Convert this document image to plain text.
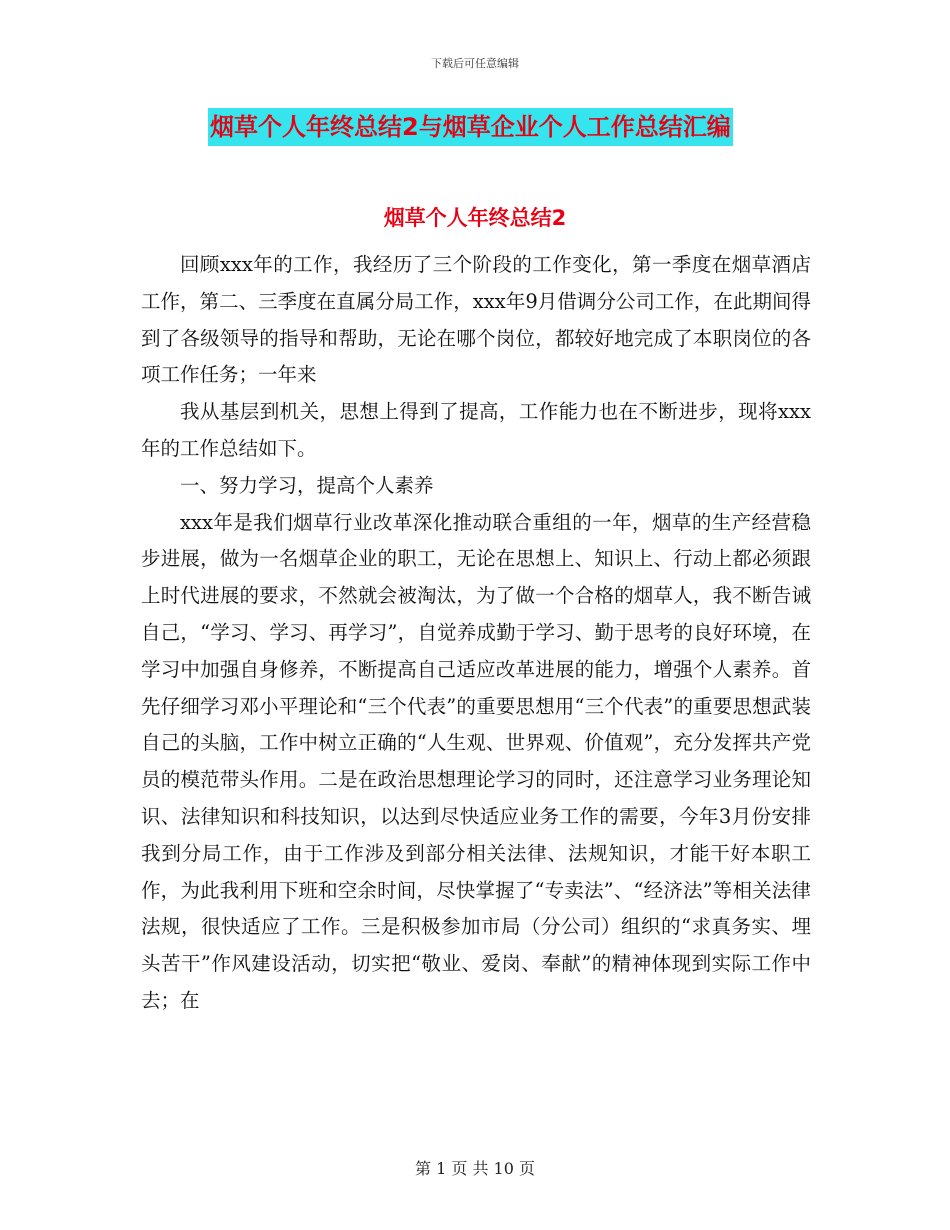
下载后可任意编辑
烟草个人年终总结2与烟草企业个人工作总结汇编
烟草个人年终总结2

回顾xxx年的工作，我经历了三个阶段的工作变化，第一季度在烟草酒店工作，第二、三季度在直属分局工作，xxx年9月借调分公司工作，在此期间得到了各级领导的指导和帮助，无论在哪个岗位，都较好地完成了本职岗位的各项工作任务；一年来

我从基层到机关，思想上得到了提高，工作能力也在不断进步，现将xxx年的工作总结如下。

一、努力学习，提高个人素养

xxx年是我们烟草行业改革深化推动联合重组的一年，烟草的生产经营稳步进展，做为一名烟草企业的职工，无论在思想上、知识上、行动上都必须跟上时代进展的要求，不然就会被淘汰，为了做一个合格的烟草人，我不断告诫自己，“学习、学习、再学习”，自觉养成勤于学习、勤于思考的良好环境，在学习中加强自身修养，不断提高自己适应改革进展的能力，增强个人素养。首先仔细学习邓小平理论和“三个代表”的重要思想用“三个代表”的重要思想武装自己的头脑，工作中树立正确的“人生观、世界观、价值观”，充分发挥共产党员的模范带头作用。二是在政治思想理论学习的同时，还注意学习业务理论知识、法律知识和科技知识，以达到尽快适应业务工作的需要，今年3月份安排我到分局工作，由于工作涉及到部分相关法律、法规知识，才能干好本职工作，为此我利用下班和空余时间，尽快掌握了“专卖法”、“经济法”等相关法律法规，很快适应了工作。三是积极参加市局（分公司）组织的“求真务实、埋头苦干”作风建设活动，切实把“敬业、爱岗、奉献”的精神体现到实际工作中去；在

第 1 页 共 10 页
